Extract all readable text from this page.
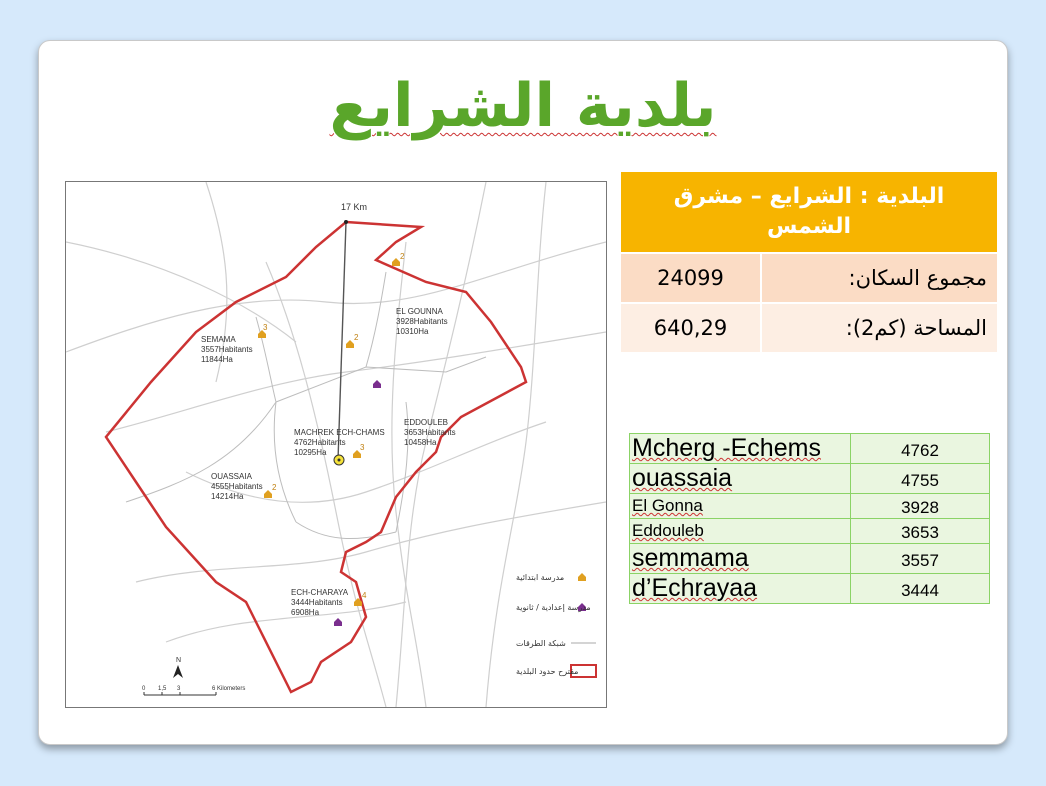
بلدية الشرايع
17 Km
EL GOUNNA
3928Habitants
10310Ha
SEMAMA
3557Habitants
11844Ha
EDDOULEB
3653Habitants
10458Ha
MACHREK ECH-CHAMS
4762Habitants
10295Ha
OUASSAIA
4555Habitants
14214Ha
ECH-CHARAYA
3444Habitants
6908Ha
2
3
2
3
2
4
مدرسة ابتدائية
مدرسة إعدادية / ثانوية
شبكة الطرقات
مقترح حدود البلدية
N
0 1,5 3	6 Kilometers
البلدية : الشرايع – مشرق الشمس	
مجموع السكان:	24099
المساحة (كم2):	640,29
Mcherg -Echems	4762
ouassaia	4755
El Gonna	3928
Eddouleb	3653
semmama	3557
d’Echrayaa	3444
